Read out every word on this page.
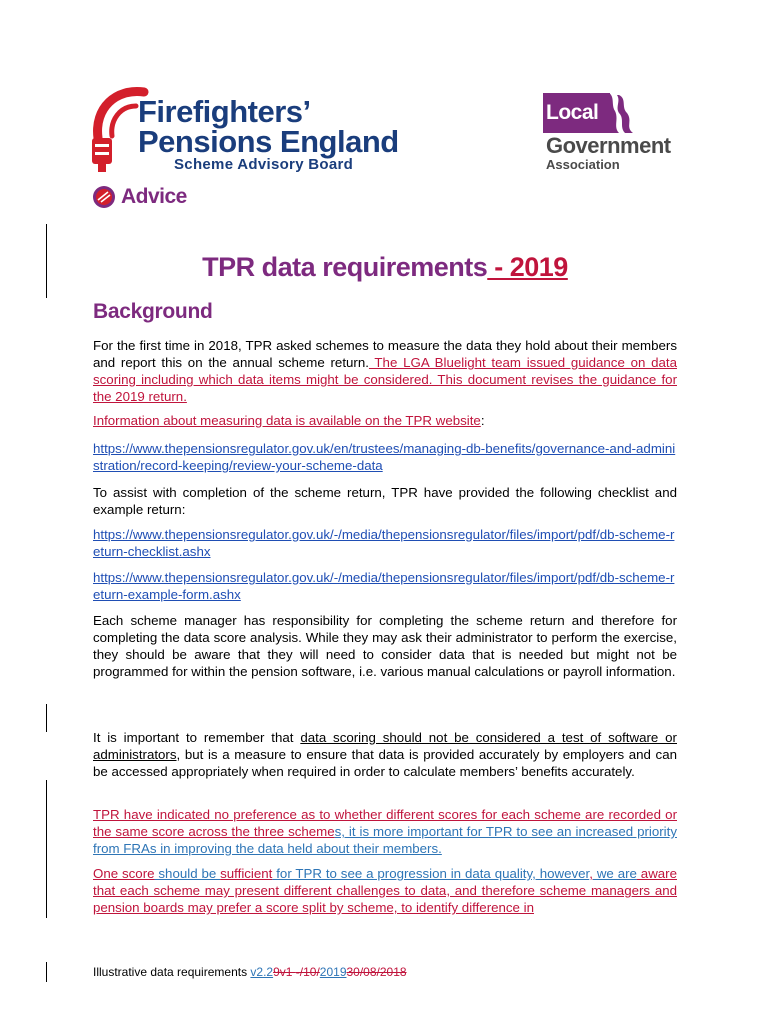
Firefighters’
Pensions England
Scheme Advisory Board
Local
Government
Association
Advice
TPR data requirements - 2019
Background
For the first time in 2018, TPR asked schemes to measure the data they hold about their members and report this on the annual scheme return. The LGA Bluelight team issued guidance on data scoring including which data items might be considered. This document revises the guidance for the 2019 return.
Information about measuring data is available on the TPR website:
https://www.thepensionsregulator.gov.uk/en/trustees/managing-db-benefits/governance-and-administration/record-keeping/review-your-scheme-data
To assist with completion of the scheme return, TPR have provided the following checklist and example return:
https://www.thepensionsregulator.gov.uk/-/media/thepensionsregulator/files/import/pdf/db-scheme-return-checklist.ashx
https://www.thepensionsregulator.gov.uk/-/media/thepensionsregulator/files/import/pdf/db-scheme-return-example-form.ashx
Each scheme manager has responsibility for completing the scheme return and therefore for completing the data score analysis. While they may ask their administrator to perform the exercise, they should be aware that they will need to consider data that is needed but might not be programmed for within the pension software, i.e. various manual calculations or payroll information.
It is important to remember that data scoring should not be considered a test of software or administrators, but is a measure to ensure that data is provided accurately by employers and can be accessed appropriately when required in order to calculate members’ benefits accurately.
TPR have indicated no preference as to whether different scores for each scheme are recorded or the same score across the three schemes, it is more important for TPR to see an increased priority from FRAs in improving the data held about their members.
One score should be sufficient for TPR to see a progression in data quality, however, we are aware that each scheme may present different challenges to data, and therefore scheme managers and pension boards may prefer a score split by scheme, to identify difference in
Illustrative data requirements v2.29v1 -/10/201930/08/2018
